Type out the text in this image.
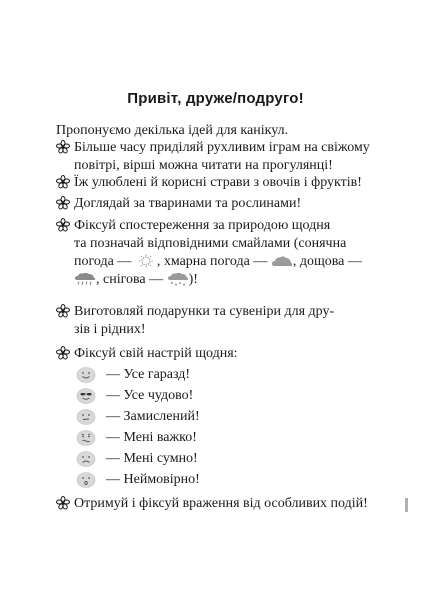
Привіт, друже/подруго!
Пропонуємо декілька ідей для канікул.
Більше часу приділяй рухливим іграм на свіжому
повітрі, вірші можна читати на прогулянці!
Їж улюблені й корисні страви з овочів і фруктів!
Доглядай за тваринами та рослинами!
Фіксуй спостереження за природою щодня
та позначай відповідними смайлами (сонячна
погода — , хмарна погода — , дощова —
, снігова — )!
Виготовляй подарунки та сувеніри для дру-
зів і рідних!
Фіксуй свій настрій щодня:
— Усе гаразд!
— Усе чудово!
— Замислений!
— Мені важко!
— Мені сумно!
— Неймовірно!
Отримуй і фіксуй враження від особливих подій!
